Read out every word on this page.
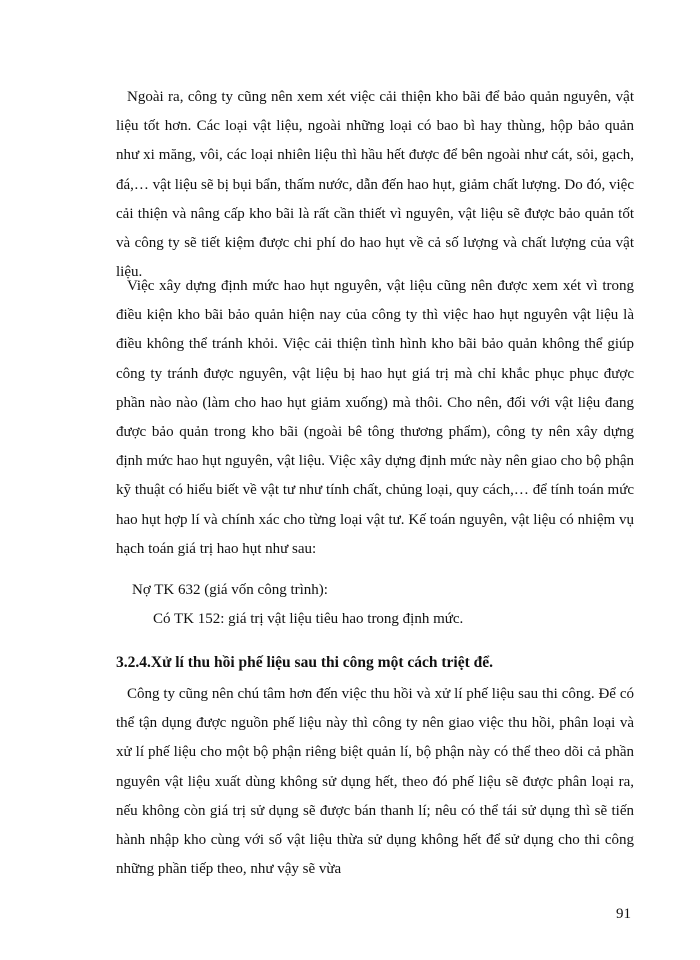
Ngoài ra, công ty cũng nên xem xét việc cải thiện kho bãi để bảo quản nguyên, vật liệu tốt hơn. Các loại vật liệu, ngoài những loại có bao bì hay thùng, hộp bảo quản như xi măng, vôi, các loại nhiên liệu thì hầu hết được để bên ngoài như cát, sỏi, gạch, đá,… vật liệu sẽ bị bụi bẩn, thấm nước, dẫn đến hao hụt, giảm chất lượng. Do đó, việc cải thiện và nâng cấp kho bãi là rất cần thiết vì nguyên, vật liệu sẽ được bảo quản tốt và công ty sẽ tiết kiệm được chi phí do hao hụt về cả số lượng và chất lượng của vật liệu.

Việc xây dựng định mức hao hụt nguyên, vật liệu cũng nên được xem xét vì trong điều kiện kho bãi bảo quản hiện nay của công ty thì việc hao hụt nguyên vật liệu là điều không thể tránh khỏi. Việc cải thiện tình hình kho bãi bảo quản không thể giúp công ty tránh được nguyên, vật liệu bị hao hụt giá trị mà chỉ khắc phục phục được phần nào nào (làm cho hao hụt giảm xuống) mà thôi. Cho nên, đối với vật liệu đang được bảo quản trong kho bãi (ngoài bê tông thương phẩm), công ty nên xây dựng định mức hao hụt nguyên, vật liệu. Việc xây dựng định mức này nên giao cho bộ phận kỹ thuật có hiểu biết về vật tư như tính chất, chủng loại, quy cách,… để tính toán mức hao hụt hợp lí và chính xác cho từng loại vật tư. Kế toán nguyên, vật liệu có nhiệm vụ hạch toán giá trị hao hụt như sau:

Nợ TK 632 (giá vốn công trình):

Có TK 152: giá trị vật liệu tiêu hao trong định mức.

3.2.4.Xử lí thu hồi phế liệu sau thi công một cách triệt để.

Công ty cũng nên chú tâm hơn đến việc thu hồi và xử lí phế liệu sau thi công. Để có thể tận dụng được nguồn phế liệu này thì công ty nên giao việc thu hồi, phân loại và xử lí phế liệu cho một bộ phận riêng biệt quản lí, bộ phận này có thể theo dõi cả phần nguyên vật liệu xuất dùng không sử dụng hết, theo đó phế liệu sẽ được phân loại ra, nếu không còn giá trị sử dụng sẽ được bán thanh lí; nêu có thể tái sử dụng thì sẽ tiến hành nhập kho cùng với số vật liệu thừa sử dụng không hết để sử dụng cho thi công những phần tiếp theo, như vậy sẽ vừa

91
